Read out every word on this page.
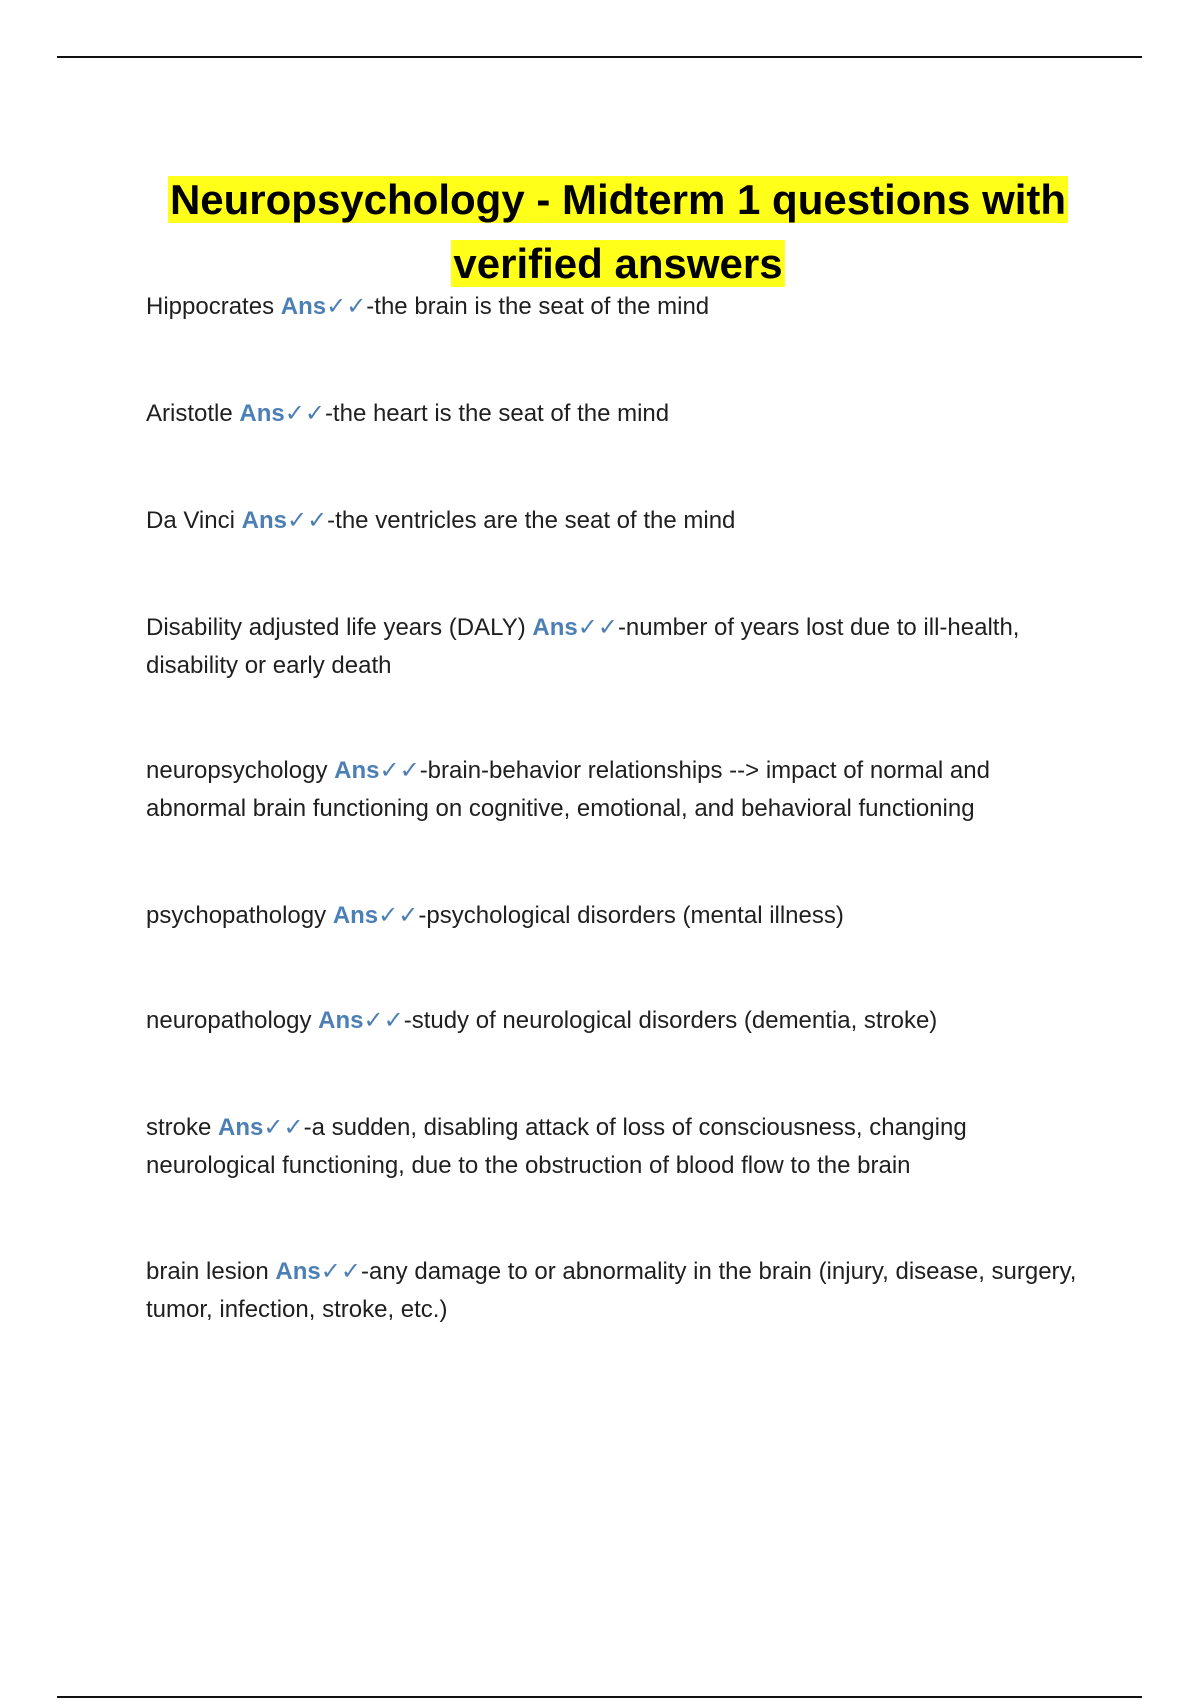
Neuropsychology - Midterm 1 questions with verified answers
Hippocrates Ans✓✓-the brain is the seat of the mind
Aristotle Ans✓✓-the heart is the seat of the mind
Da Vinci Ans✓✓-the ventricles are the seat of the mind
Disability adjusted life years (DALY) Ans✓✓-number of years lost due to ill-health, disability or early death
neuropsychology Ans✓✓-brain-behavior relationships --> impact of normal and abnormal brain functioning on cognitive, emotional, and behavioral functioning
psychopathology Ans✓✓-psychological disorders (mental illness)
neuropathology Ans✓✓-study of neurological disorders (dementia, stroke)
stroke Ans✓✓-a sudden, disabling attack of loss of consciousness, changing neurological functioning, due to the obstruction of blood flow to the brain
brain lesion Ans✓✓-any damage to or abnormality in the brain (injury, disease, surgery, tumor, infection, stroke, etc.)
